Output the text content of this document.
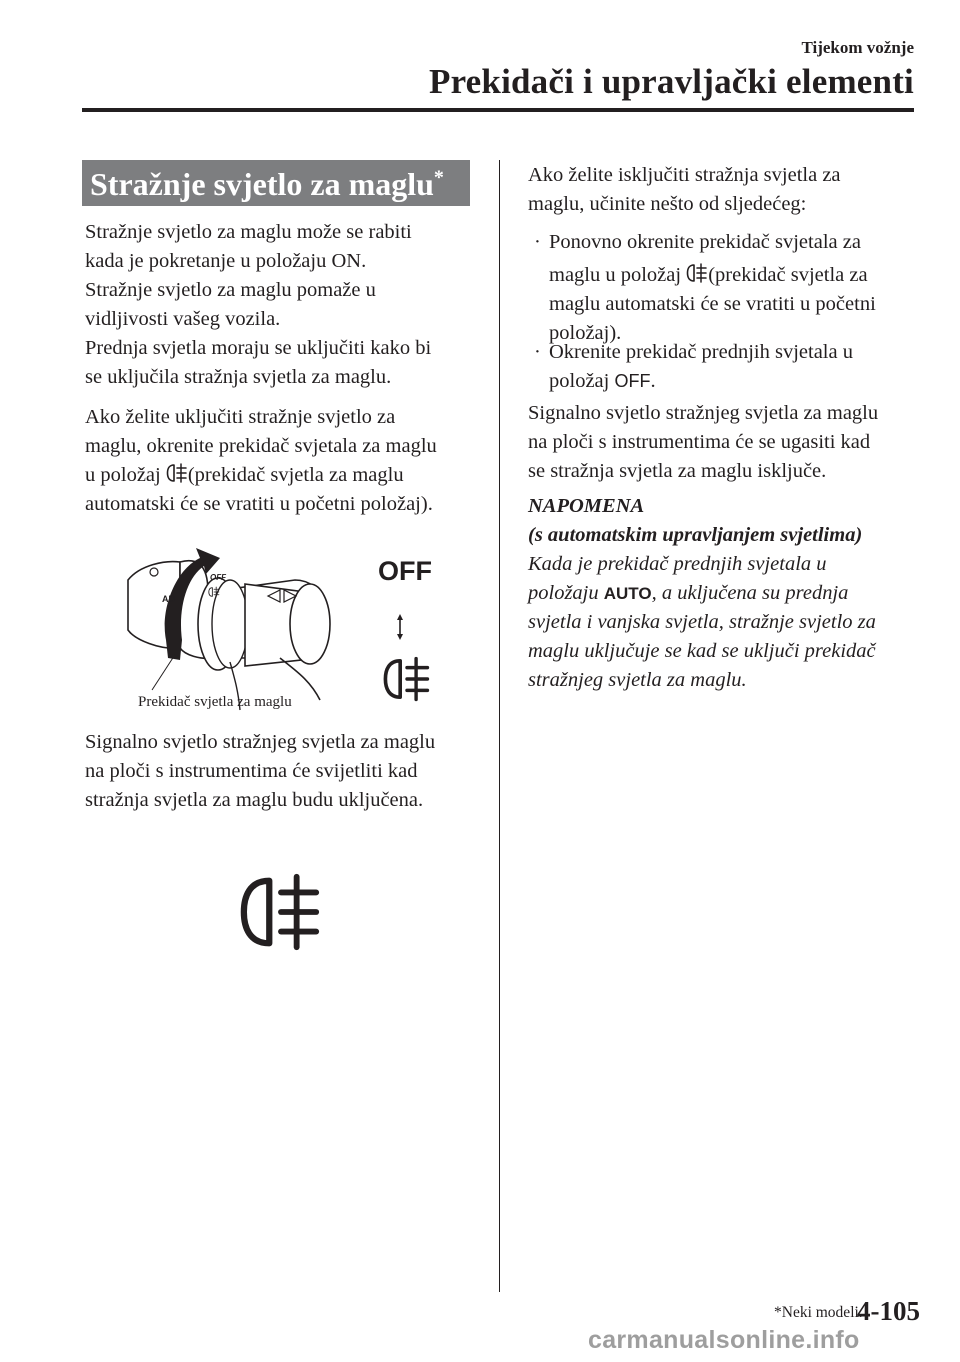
Tijekom vožnje
Prekidači i upravljački elementi
Stražnje svjetlo za maglu*
Stražnje svjetlo za maglu može se rabiti
kada je pokretanje u položaju ON.
Stražnje svjetlo za maglu pomaže u
vidljivosti vašeg vozila.
Prednja svjetla moraju se uključiti kako bi
se uključila stražnja svjetla za maglu.
Ako želite uključiti stražnje svjetlo za
maglu, okrenite prekidač svjetala za maglu
u položaj (prekidač svjetla za maglu
automatski će se vratiti u početni položaj).
AU
OFF	OFF
Prekidač svjetla za maglu
Signalno svjetlo stražnjeg svjetla za maglu
na ploči s instrumentima će svijetliti kad
stražnja svjetla za maglu budu uključena.
Ako želite isključiti stražnja svjetla za
maglu, učinite nešto od sljedećeg:
· Ponovno okrenite prekidač svjetala za
maglu u položaj (prekidač svjetla za
maglu automatski će se vratiti u početni
položaj).
· Okrenite prekidač prednjih svjetala u
položaj OFF.
Signalno svjetlo stražnjeg svjetla za maglu
na ploči s instrumentima će se ugasiti kad
se stražnja svjetla za maglu isključe.
NAPOMENA
(s automatskim upravljanjem svjetlima)
Kada je prekidač prednjih svjetala u
položaju AUTO, a uključena su prednja
svjetla i vanjska svjetla, stražnje svjetlo za
maglu uključuje se kad se uključi prekidač
stražnjeg svjetla za maglu.
*Neki modeli.
4-105
carmanualsonline.info
